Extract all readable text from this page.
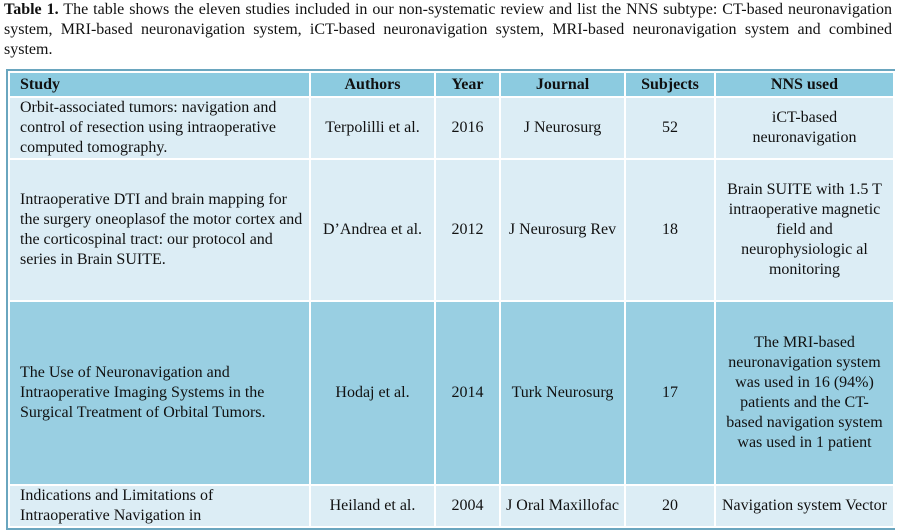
Table 1. The table shows the eleven studies included in our non-systematic review and list the NNS subtype: CT-based neuronavigation system, MRI-based neuronavigation system, iCT-based neuronavigation system, MRI-based neuronavigation system and combined system.
Study	Authors	Year	Journal	Subjects	NNS used
Orbit-associated tumors: navigation and control of resection using intraoperative computed tomography.	Terpolilli et al.	2016	J Neurosurg	52	iCT-based neuronavigation
Intraoperative DTI and brain mapping for the surgery oneoplasof the motor cortex and the corticospinal tract: our protocol and series in Brain SUITE.	D’Andrea et al.	2012	J Neurosurg Rev	18	Brain SUITE with 1.5 T intraoperative magnetic field and neurophysiologic al monitoring
The Use of Neuronavigation and Intraoperative Imaging Systems in the Surgical Treatment of Orbital Tumors.	Hodaj et al.	2014	Turk Neurosurg	17	The MRI-based neuronavigation system was used in 16 (94%) patients and the CT-based navigation system was used in 1 patient
Indications and Limitations of Intraoperative Navigation in	Heiland et al.	2004	J Oral Maxillofac	20	Navigation system Vector
